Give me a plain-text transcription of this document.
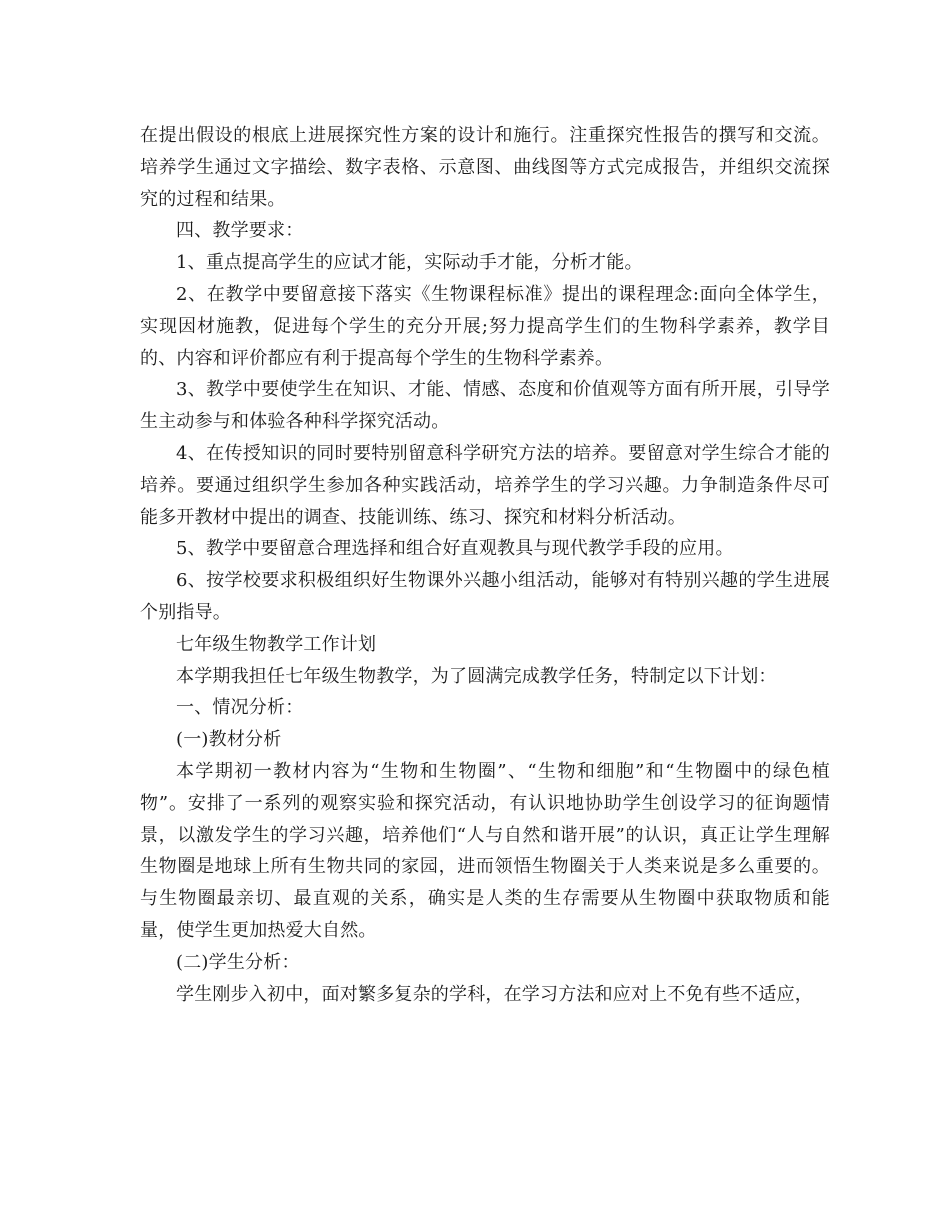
在提出假设的根底上进展探究性方案的设计和施行。注重探究性报告的撰写和交流。培养学生通过文字描绘、数字表格、示意图、曲线图等方式完成报告，并组织交流探究的过程和结果。

四、教学要求：

1、重点提高学生的应试才能，实际动手才能，分析才能。

2、在教学中要留意接下落实《生物课程标准》提出的课程理念:面向全体学生，实现因材施教，促进每个学生的充分开展;努力提高学生们的生物科学素养，教学目的、内容和评价都应有利于提高每个学生的生物科学素养。

3、教学中要使学生在知识、才能、情感、态度和价值观等方面有所开展，引导学生主动参与和体验各种科学探究活动。

4、在传授知识的同时要特别留意科学研究方法的培养。要留意对学生综合才能的培养。要通过组织学生参加各种实践活动，培养学生的学习兴趣。力争制造条件尽可能多开教材中提出的调查、技能训练、练习、探究和材料分析活动。

5、教学中要留意合理选择和组合好直观教具与现代教学手段的应用。

6、按学校要求积极组织好生物课外兴趣小组活动，能够对有特别兴趣的学生进展个别指导。

七年级生物教学工作计划

本学期我担任七年级生物教学，为了圆满完成教学任务，特制定以下计划：

一、情况分析：

(一)教材分析

本学期初一教材内容为“生物和生物圈”、“生物和细胞”和“生物圈中的绿色植物”。安排了一系列的观察实验和探究活动，有认识地协助学生创设学习的征询题情景，以激发学生的学习兴趣，培养他们“人与自然和谐开展”的认识，真正让学生理解生物圈是地球上所有生物共同的家园，进而领悟生物圈关于人类来说是多么重要的。与生物圈最亲切、最直观的关系，确实是人类的生存需要从生物圈中获取物质和能量，使学生更加热爱大自然。

(二)学生分析：

学生刚步入初中，面对繁多复杂的学科，在学习方法和应对上不免有些不适应，
